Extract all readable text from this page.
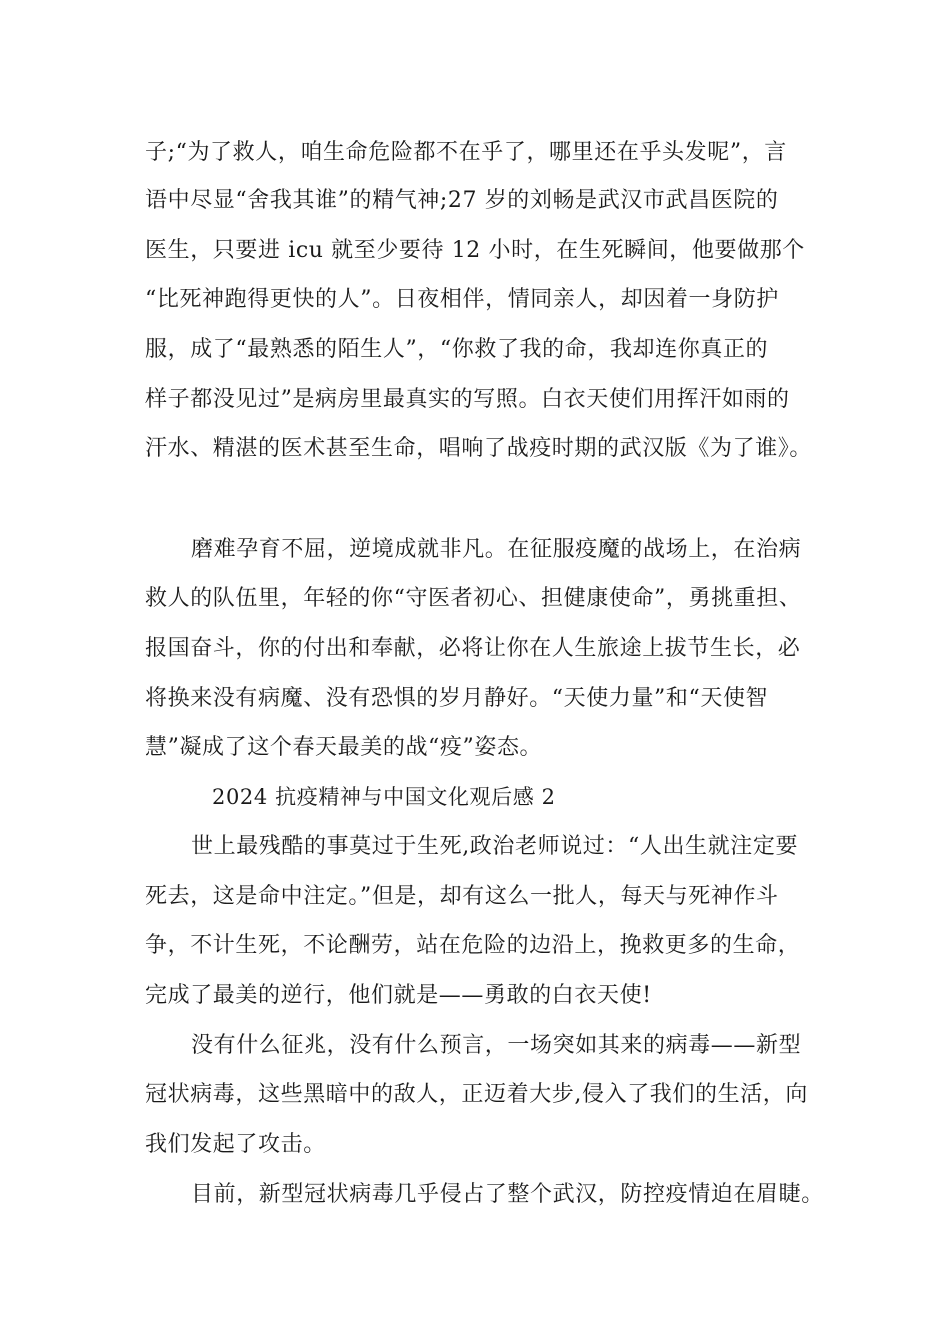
子;“为了救人，咱生命危险都不在乎了，哪里还在乎头发呢”，言

语中尽显“舍我其谁”的精气神;27 岁的刘畅是武汉市武昌医院的

医生，只要进 icu 就至少要待 12 小时，在生死瞬间，他要做那个

“比死神跑得更快的人”。日夜相伴，情同亲人，却因着一身防护

服，成了“最熟悉的陌生人”，“你救了我的命，我却连你真正的

样子都没见过”是病房里最真实的写照。白衣天使们用挥汗如雨的

汗水、精湛的医术甚至生命，唱响了战疫时期的武汉版《为了谁》。

磨难孕育不屈，逆境成就非凡。在征服疫魔的战场上，在治病

救人的队伍里，年轻的你“守医者初心、担健康使命”，勇挑重担、

报国奋斗，你的付出和奉献，必将让你在人生旅途上拔节生长，必

将换来没有病魔、没有恐惧的岁月静好。“天使力量”和“天使智

慧”凝成了这个春天最美的战“疫”姿态。

2024 抗疫精神与中国文化观后感 2

世上最残酷的事莫过于生死,政治老师说过：“人出生就注定要

死去，这是命中注定。”但是，却有这么一批人，每天与死神作斗

争，不计生死，不论酬劳，站在危险的边沿上，挽救更多的生命，

完成了最美的逆行，他们就是——勇敢的白衣天使!

没有什么征兆，没有什么预言，一场突如其来的病毒——新型

冠状病毒，这些黑暗中的敌人，正迈着大步,侵入了我们的生活，向

我们发起了攻击。

目前，新型冠状病毒几乎侵占了整个武汉，防控疫情迫在眉睫。
